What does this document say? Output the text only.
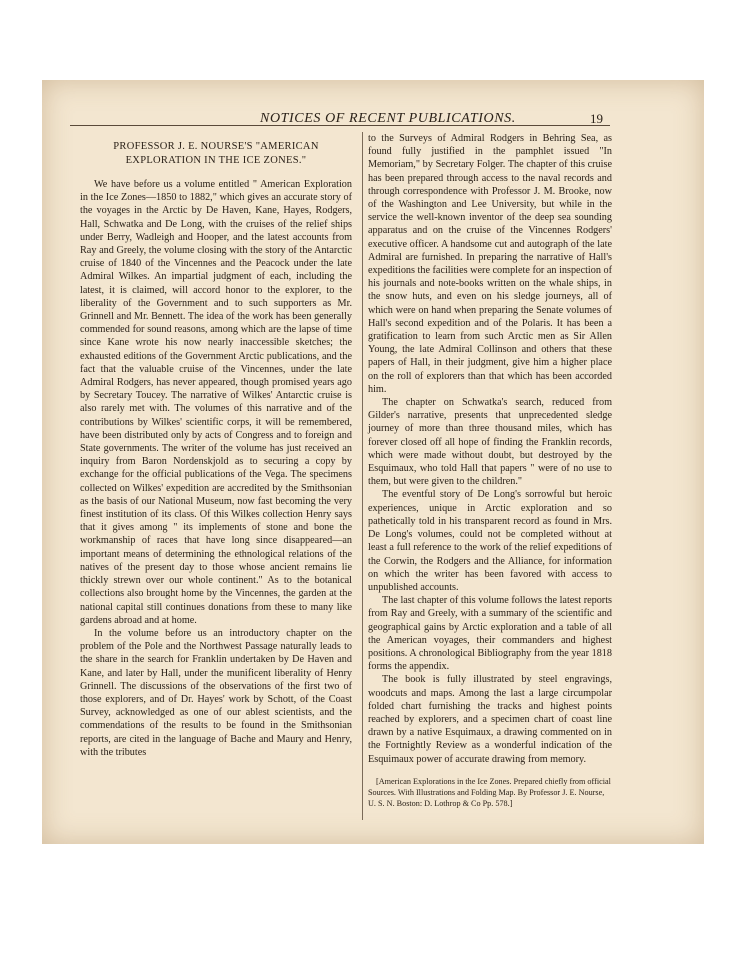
NOTICES OF RECENT PUBLICATIONS.	19
PROFESSOR J. E. NOURSE'S "AMERICAN EXPLORATION IN THE ICE ZONES."

We have before us a volume entitled " American Exploration in the Ice Zones—1850 to 1882," which gives an accurate story of the voyages in the Arctic by De Haven, Kane, Hayes, Rodgers, Hall, Schwatka and De Long, with the cruises of the relief ships under Berry, Wadleigh and Hooper, and the latest accounts from Ray and Greely, the volume closing with the story of the Antarctic cruise of 1840 of the Vincennes and the Peacock under the late Admiral Wilkes. An impartial judgment of each, including the latest, it is claimed, will accord honor to the explorer, to the liberality of the Government and to such supporters as Mr. Grinnell and Mr. Bennett. The idea of the work has been generally commended for sound reasons, among which are the lapse of time since Kane wrote his now nearly inaccessible sketches; the exhausted editions of the Government Arctic publications, and the fact that the valuable cruise of the Vincennes, under the late Admiral Rodgers, has never appeared, though promised years ago by Secretary Toucey. The narrative of Wilkes' Antarctic cruise is also rarely met with. The volumes of this narrative and of the contributions by Wilkes' scientific corps, it will be remembered, have been distributed only by acts of Congress and to foreign and State governments. The writer of the volume has just received an inquiry from Baron Nordenskjold as to securing a copy by exchange for the official publications of the Vega. The specimens collected on Wilkes' expedition are accredited by the Smithsonian as the basis of our National Museum, now fast becoming the very finest institution of its class. Of this Wilkes collection Henry says that it gives among " its implements of stone and bone the workmanship of races that have long since disappeared—an important means of determining the ethnological relations of the natives of the present day to those whose ancient remains lie thickly strewn over our whole continent." As to the botanical collections also brought home by the Vincennes, the garden at the national capital still continues donations from these to many like gardens abroad and at home.

In the volume before us an introductory chapter on the problem of the Pole and the Northwest Passage naturally leads to the share in the search for Franklin undertaken by De Haven and Kane, and later by Hall, under the munificent liberality of Henry Grinnell. The discussions of the observations of the first two of those explorers, and of Dr. Hayes' work by Schott, of the Coast Survey, acknowledged as one of our ablest scientists, and the commendations of the results to be found in the Smithsonian reports, are cited in the language of Bache and Maury and Henry, with the tributes

to the Surveys of Admiral Rodgers in Behring Sea, as found fully justified in the pamphlet issued "In Memoriam," by Secretary Folger. The chapter of this cruise has been prepared through access to the naval records and through correspondence with Professor J. M. Brooke, now of the Washington and Lee University, but while in the service the well-known inventor of the deep sea sounding apparatus and on the cruise of the Vincennes Rodgers' executive officer. A handsome cut and autograph of the late Admiral are furnished. In preparing the narrative of Hall's expeditions the facilities were complete for an inspection of his journals and note-books written on the whale ships, in the snow huts, and even on his sledge journeys, all of which were on hand when preparing the Senate volumes of Hall's second expedition and of the Polaris. It has been a gratification to learn from such Arctic men as Sir Allen Young, the late Admiral Collinson and others that these papers of Hall, in their judgment, give him a higher place on the roll of explorers than that which has been accorded him.

The chapter on Schwatka's search, reduced from Gilder's narrative, presents that unprecedented sledge journey of more than three thousand miles, which has forever closed off all hope of finding the Franklin records, which were made without doubt, but destroyed by the Esquimaux, who told Hall that papers " were of no use to them, but were given to the children."

The eventful story of De Long's sorrowful but heroic experiences, unique in Arctic exploration and so pathetically told in his transparent record as found in Mrs. De Long's volumes, could not be completed without at least a full reference to the work of the relief expeditions of the Corwin, the Rodgers and the Alliance, for information on which the writer has been favored with access to unpublished accounts.

The last chapter of this volume follows the latest reports from Ray and Greely, with a summary of the scientific and geographical gains by Arctic exploration and a table of all the American voyages, their commanders and highest positions. A chronological Bibliography from the year 1818 forms the appendix.

The book is fully illustrated by steel engravings, woodcuts and maps. Among the last a large circumpolar folded chart furnishing the tracks and highest points reached by explorers, and a specimen chart of coast line drawn by a native Esquimaux, a drawing commented on in the Fortnightly Review as a wonderful indication of the Esquimaux power of accurate drawing from memory.

[American Explorations in the Ice Zones. Prepared chiefly from official Sources. With Illustrations and Folding Map. By Professor J. E. Nourse, U. S. N. Boston: D. Lothrop & Co Pp. 578.]
